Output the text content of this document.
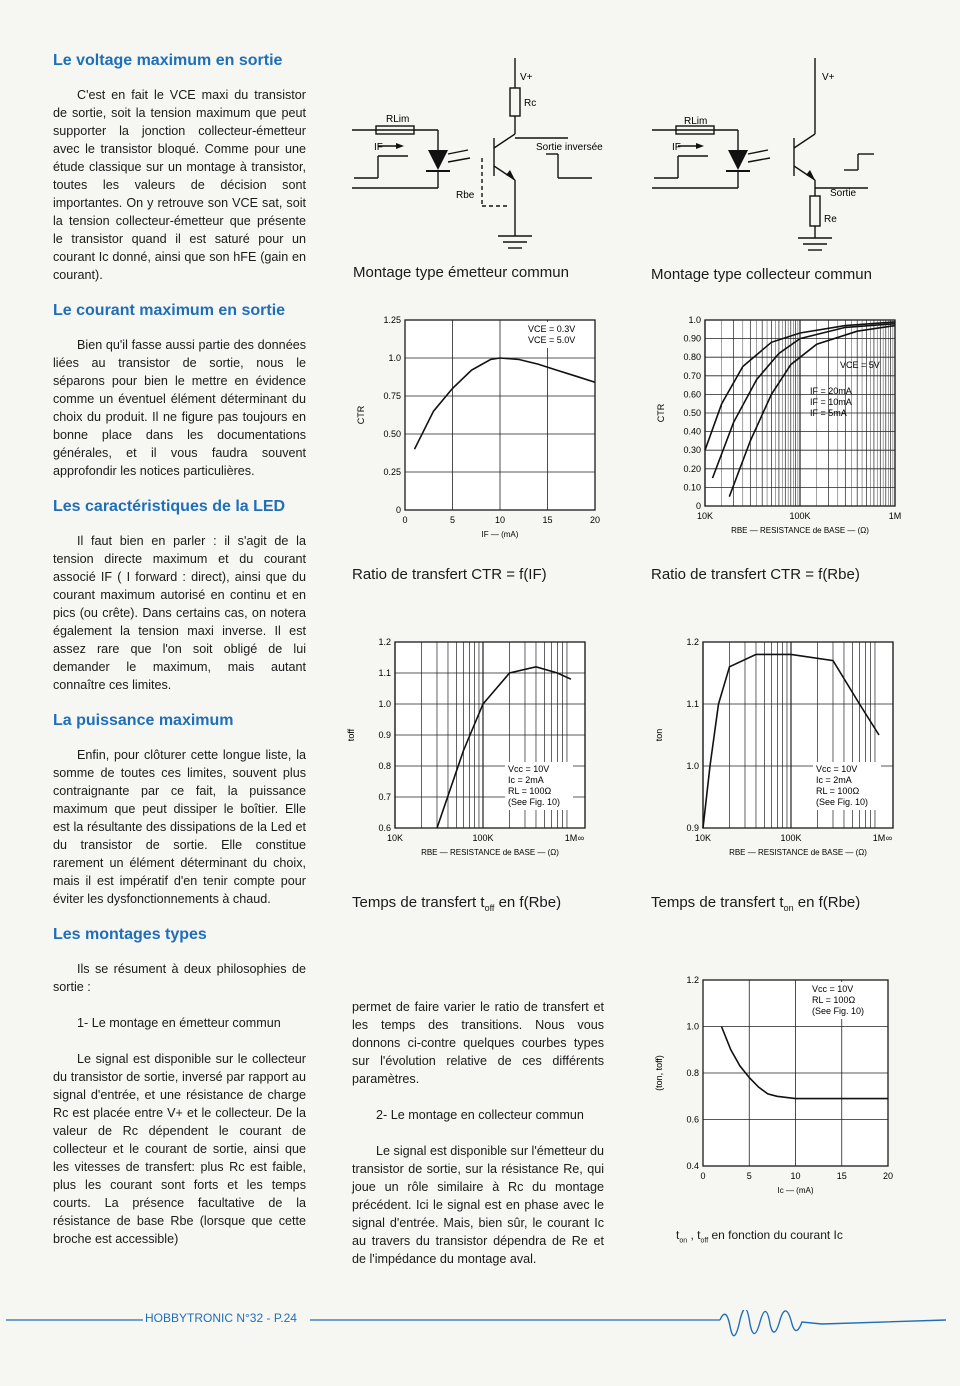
Le voltage maximum en sortie

C'est en fait le VCE maxi du transistor de sortie, soit la tension maximum que peut supporter la jonction collecteur-émetteur avec le transistor bloqué. Comme pour une étude classique sur un montage à transistor, toutes les valeurs de décision sont importantes. On y retrouve son VCE sat, soit la tension collecteur-émetteur que présente le transistor quand il est saturé pour un courant Ic donné, ainsi que son hFE (gain en courant).

Le courant maximum en sortie

Bien qu'il fasse aussi partie des données liées au transistor de sortie, nous le séparons pour bien le mettre en évidence comme un éventuel élément déterminant du choix du produit. Il ne figure pas toujours en bonne place dans les documentations générales, et il vous faudra souvent approfondir les notices particulières.

Les caractéristiques de la LED

Il faut bien en parler : il s'agit de la tension directe maximum et du courant associé IF ( I forward : direct), ainsi que du courant maximum autorisé en continu et en pics (ou crête). Dans certains cas, on notera également la tension maxi inverse. Il est assez rare que l'on soit obligé de lui demander le maximum, mais autant connaître ces limites.

La puissance maximum

Enfin, pour clôturer cette longue liste, la somme de toutes ces limites, souvent plus contraignante par ce fait, la puissance maximum que peut dissiper le boîtier. Elle est la résultante des dissipations de la Led et du transistor de sortie. Elle constitue rarement un élément déterminant du choix, mais il est impératif d'en tenir compte pour éviter les dysfonctionnements à chaud.

Les montages types

Ils se résument à deux philosophies de sortie :

1- Le montage en émetteur commun

Le signal est disponible sur le collecteur du transistor de sortie, inversé par rapport au signal d'entrée, et une résistance de charge Rc est placée entre V+ et le collecteur. De la valeur de Rc dépendent le courant de collecteur et le courant de sortie, ainsi que les vitesses de transfert: plus Rc est faible, plus les courant sont forts et les temps courts. La présence facultative de la résistance de base Rbe (lorsque que cette broche est accessible)

permet de faire varier le ratio de transfert et les temps des transitions. Nous vous donnons ci-contre quelques courbes types sur l'évolution relative de ces différents paramètres.

2- Le montage en collecteur commun

Le signal est disponible sur l'émetteur du transistor de sortie, sur la résistance Re, qui joue un rôle similaire à Rc du montage précédent. Ici le signal est en phase avec le signal d'entrée. Mais, bien sûr, le courant Ic au travers du transistor dépendra de Re et de l'impédance du montage aval.

V+
Rc
RLim
IF	Sortie inversée
Rbe
Montage type émetteur commun
V+
Re
RLim
IF
Sortie
Montage type collecteur commun
0
0.25
0.50
0.75
1.0
1.25
0	5	10	15	20
IF — (mA)
CTR
VCE = 0.3V
VCE = 5.0V
Ratio de transfert CTR = f(IF)
0
0.10
0.20
0.30
0.40
0.50
0.60
0.70
0.80
0.90
1.0
10K	100K	1M
RBE — RESISTANCE de BASE — (Ω)
CTR
VCE = 5V
IF = 20mA
IF = 10mA
IF = 5mA
Ratio de transfert CTR = f(Rbe)
0.6
0.7
0.8
0.9
1.0
1.1
1.2
10K	100K	1M ∞
RBE — RESISTANCE de BASE — (Ω)
toff
Vcc = 10V
Ic = 2mA
RL = 100Ω
(See Fig. 10)
Temps de transfert $t_{off}$ en f(Rbe)
0.9
1.0
1.1
1.2
10K	100K	1M ∞
RBE — RESISTANCE de BASE — (Ω)
ton
Vcc = 10V
Ic = 2mA
RL = 100Ω
(See Fig. 10)
Temps de transfert $t_{on}$ en f(Rbe)
0.4
0.6
0.8
1.0
1.2
0	5	10	15	20
Ic — (mA)
(ton, toff)
Vcc = 10V
RL = 100Ω
(See Fig. 10)
$t_{on}$ , $t_{off}$ en fonction du courant Ic
HOBBYTRONIC N°32 - P.24
